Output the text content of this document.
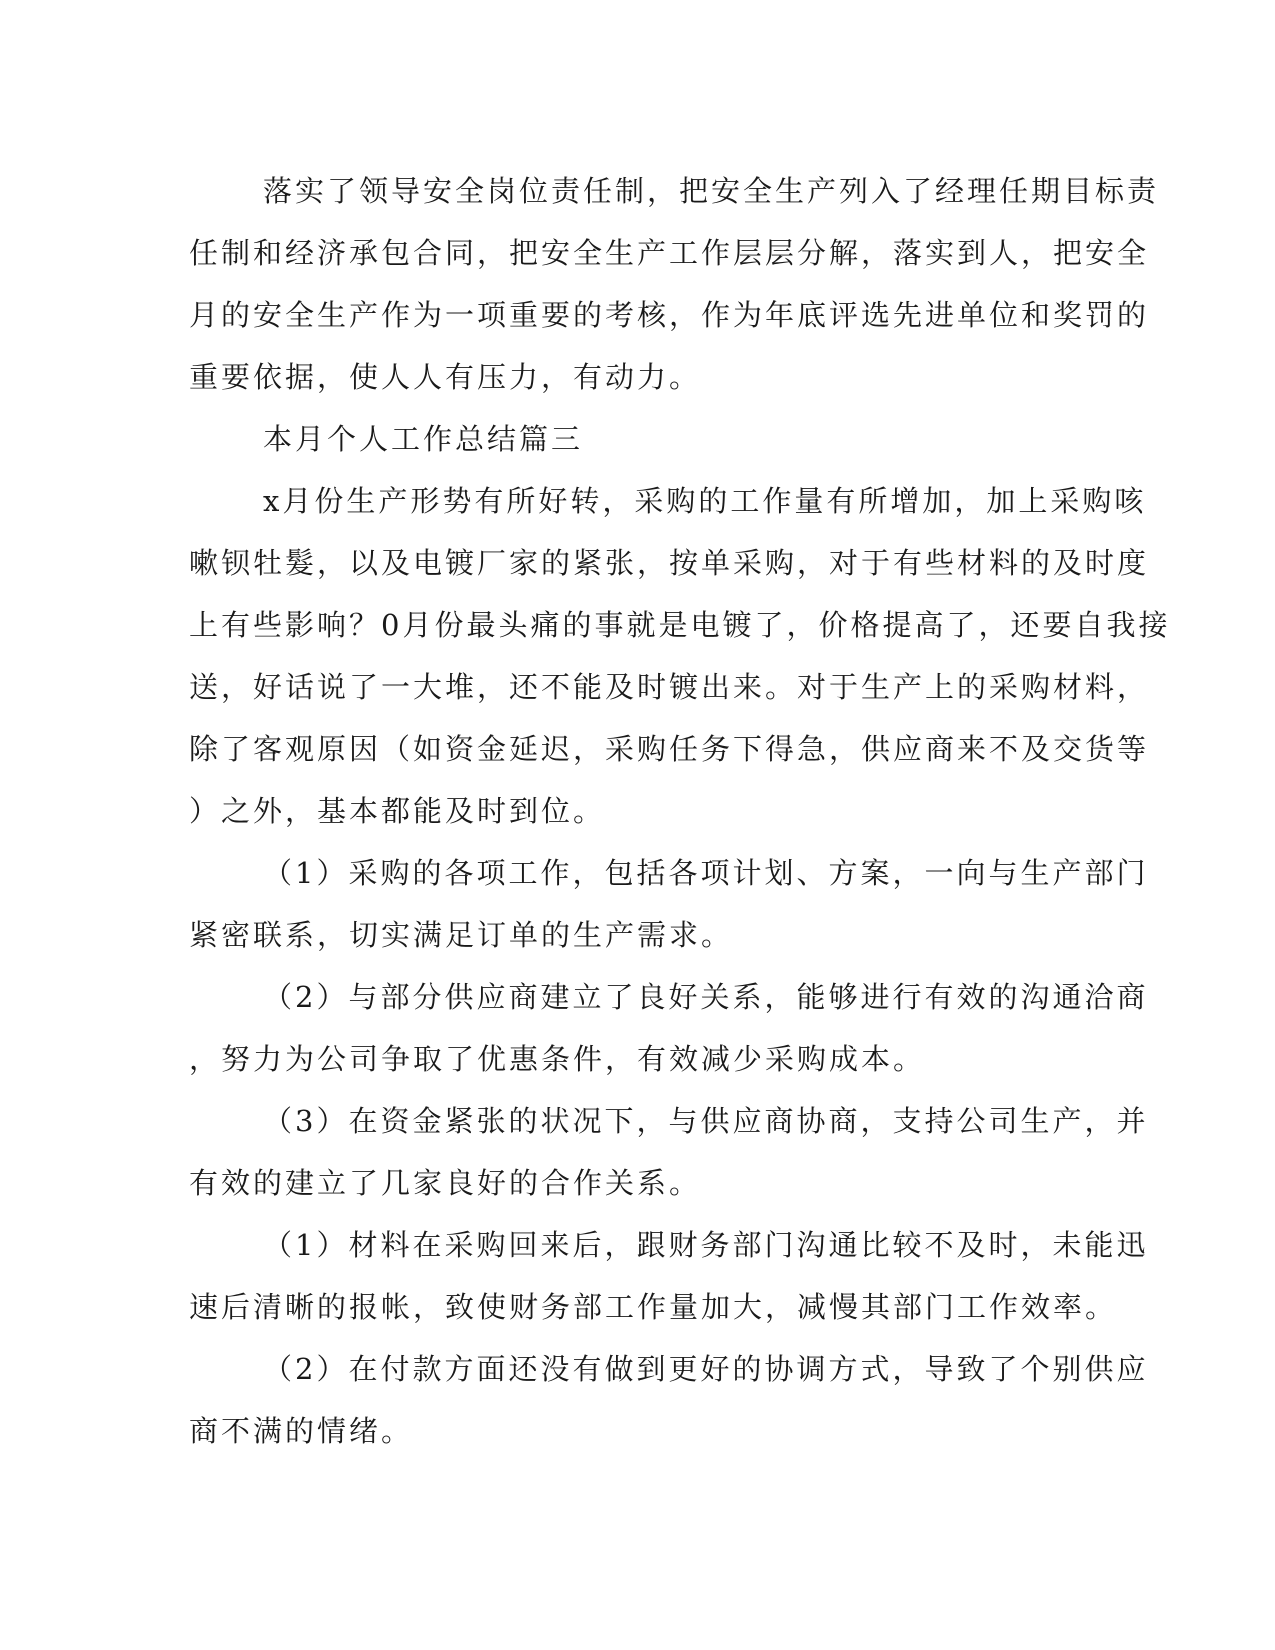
落实了领导安全岗位责任制，把安全生产列入了经理任期目标责
任制和经济承包合同，把安全生产工作层层分解，落实到人，把安全
月的安全生产作为一项重要的考核，作为年底评选先进单位和奖罚的
重要依据，使人人有压力，有动力。
本月个人工作总结篇三
x月份生产形势有所好转，采购的工作量有所增加，加上采购咳
嗽钡牡髮，以及电镀厂家的紧张，按单采购，对于有些材料的及时度
上有些影响？0月份最头痛的事就是电镀了，价格提高了，还要自我接
送，好话说了一大堆，还不能及时镀出来。对于生产上的采购材料，
除了客观原因（如资金延迟，采购任务下得急，供应商来不及交货等
）之外，基本都能及时到位。
（1）采购的各项工作，包括各项计划、方案，一向与生产部门
紧密联系，切实满足订单的生产需求。
（2）与部分供应商建立了良好关系，能够进行有效的沟通洽商
，努力为公司争取了优惠条件，有效减少采购成本。
（3）在资金紧张的状况下，与供应商协商，支持公司生产，并
有效的建立了几家良好的合作关系。
（1）材料在采购回来后，跟财务部门沟通比较不及时，未能迅
速后清晰的报帐，致使财务部工作量加大，减慢其部门工作效率。
（2）在付款方面还没有做到更好的协调方式，导致了个别供应
商不满的情绪。
